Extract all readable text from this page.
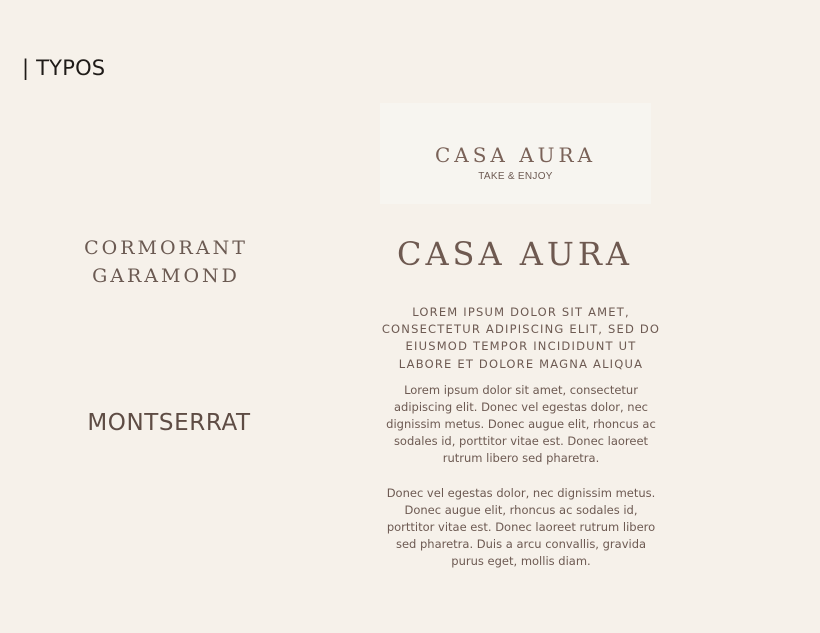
| TYPOS
CASA AURA
TAKE & ENJOY
CORMORANT
GARAMOND
MONTSERRAT
CASA AURA
LOREM IPSUM DOLOR SIT AMET,
CONSECTETUR ADIPISCING ELIT, SED DO
EIUSMOD TEMPOR INCIDIDUNT UT
LABORE ET DOLORE MAGNA ALIQUA
Lorem ipsum dolor sit amet, consectetur
adipiscing elit. Donec vel egestas dolor, nec
dignissim metus. Donec augue elit, rhoncus ac
sodales id, porttitor vitae est. Donec laoreet
rutrum libero sed pharetra.
Donec vel egestas dolor, nec dignissim metus.
Donec augue elit, rhoncus ac sodales id,
porttitor vitae est. Donec laoreet rutrum libero
sed pharetra. Duis a arcu convallis, gravida
purus eget, mollis diam.
